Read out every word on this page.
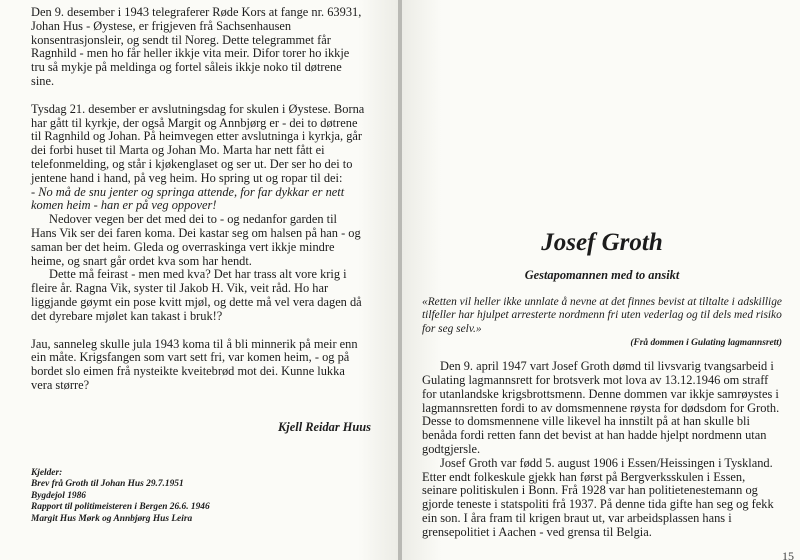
Den 9. desember i 1943 telegraferer Røde Kors at fange nr. 63931, Johan Hus - Øystese, er frigjeven frå Sachsenhausen konsentrasjonsleir, og sendt til Noreg. Dette telegrammet får Ragnhild - men ho får heller ikkje vita meir. Difor torer ho ikkje tru så mykje på meldinga og fortel såleis ikkje noko til døtrene sine.

Tysdag 21. desember er avslutningsdag for skulen i Øystese. Borna har gått til kyrkje, der også Margit og Annbjørg er - dei to døtrene til Ragnhild og Johan. På heimvegen etter avslutninga i kyrkja, går dei forbi huset til Marta og Johan Mo. Marta har nett fått ei telefonmelding, og står i kjøkenglaset og ser ut. Der ser ho dei to jentene hand i hand, på veg heim. Ho spring ut og ropar til dei:

- No må de snu jenter og springa attende, for far dykkar er nett komen heim - han er på veg oppover!

Nedover vegen ber det med dei to - og nedanfor garden til Hans Vik ser dei faren koma. Dei kastar seg om halsen på han - og saman ber det heim. Gleda og overraskinga vert ikkje mindre heime, og snart går ordet kva som har hendt.

Dette må feirast - men med kva? Det har trass alt vore krig i fleire år. Ragna Vik, syster til Jakob H. Vik, veit råd. Ho har liggjande gøymt ein pose kvitt mjøl, og dette må vel vera dagen då det dyrebare mjølet kan takast i bruk!?

Jau, sanneleg skulle jula 1943 koma til å bli minnerik på meir enn ein måte. Krigsfangen som vart sett fri, var komen heim, - og på bordet slo eimen frå nysteikte kveitebrød mot dei. Kunne lukka vera større?

Kjell Reidar Huus
Kjelder:
Brev frå Groth til Johan Hus 29.7.1951
Bygdejol 1986
Rapport til politimeisteren i Bergen 26.6. 1946
Margit Hus Mørk og Annbjørg Hus Leira
Josef Groth

Gestapomannen med to ansikt

«Retten vil heller ikke unnlate å nevne at det finnes bevist at tiltalte i adskillige tilfeller har hjulpet arresterte nordmenn fri uten vederlag og til dels med risiko for seg selv.»

(Frå dommen i Gulating lagmannsrett)

Den 9. april 1947 vart Josef Groth dømd til livsvarig tvangsarbeid i Gulating lagmannsrett for brotsverk mot lova av 13.12.1946 om straff for utanlandske krigsbrottsmenn. Denne dommen var ikkje samrøystes i lagmannsretten fordi to av domsmennene røysta for dødsdom for Groth. Desse to domsmennene ville likevel ha innstilt på at han skulle bli benåda fordi retten fann det bevist at han hadde hjelpt nordmenn utan godtgjersle.

Josef Groth var fødd 5. august 1906 i Essen/Heissingen i Tyskland. Etter endt folkeskule gjekk han først på Bergverksskulen i Essen, seinare politiskulen i Bonn. Frå 1928 var han politietenestemann og gjorde teneste i statspoliti frå 1937. På denne tida gifte han seg og fekk ein son. I åra fram til krigen braut ut, var arbeidsplassen hans i grensepolitiet i Aachen - ved grensa til Belgia.

15
